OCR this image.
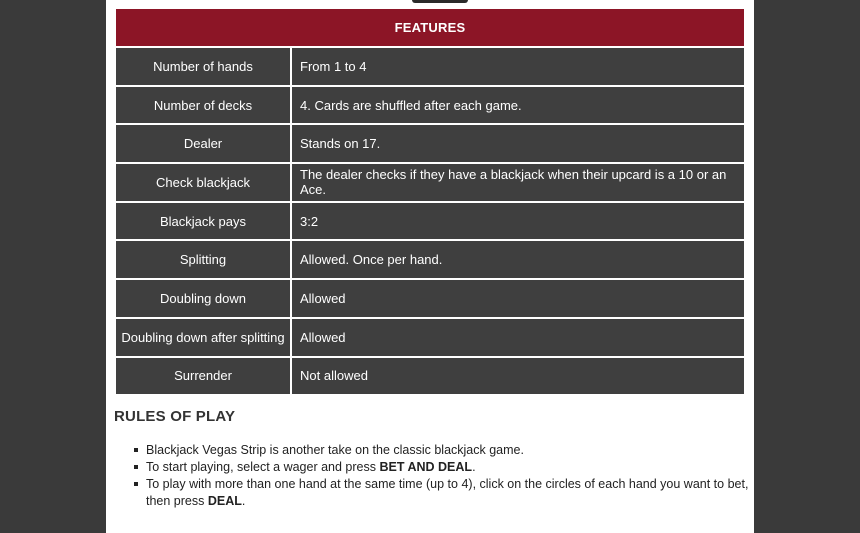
FEATURES	
Number of hands	From 1 to 4
Number of decks	4. Cards are shuffled after each game.
Dealer	Stands on 17.
Check blackjack	The dealer checks if they have a blackjack when their upcard is a 10 or an Ace.
Blackjack pays	3:2
Splitting	Allowed. Once per hand.
Doubling down	Allowed
Doubling down after splitting	Allowed
Surrender	Not allowed
RULES OF PLAY
Blackjack Vegas Strip is another take on the classic blackjack game.
To start playing, select a wager and press BET AND DEAL.
To play with more than one hand at the same time (up to 4), click on the circles of each hand you want to bet, then press DEAL.
